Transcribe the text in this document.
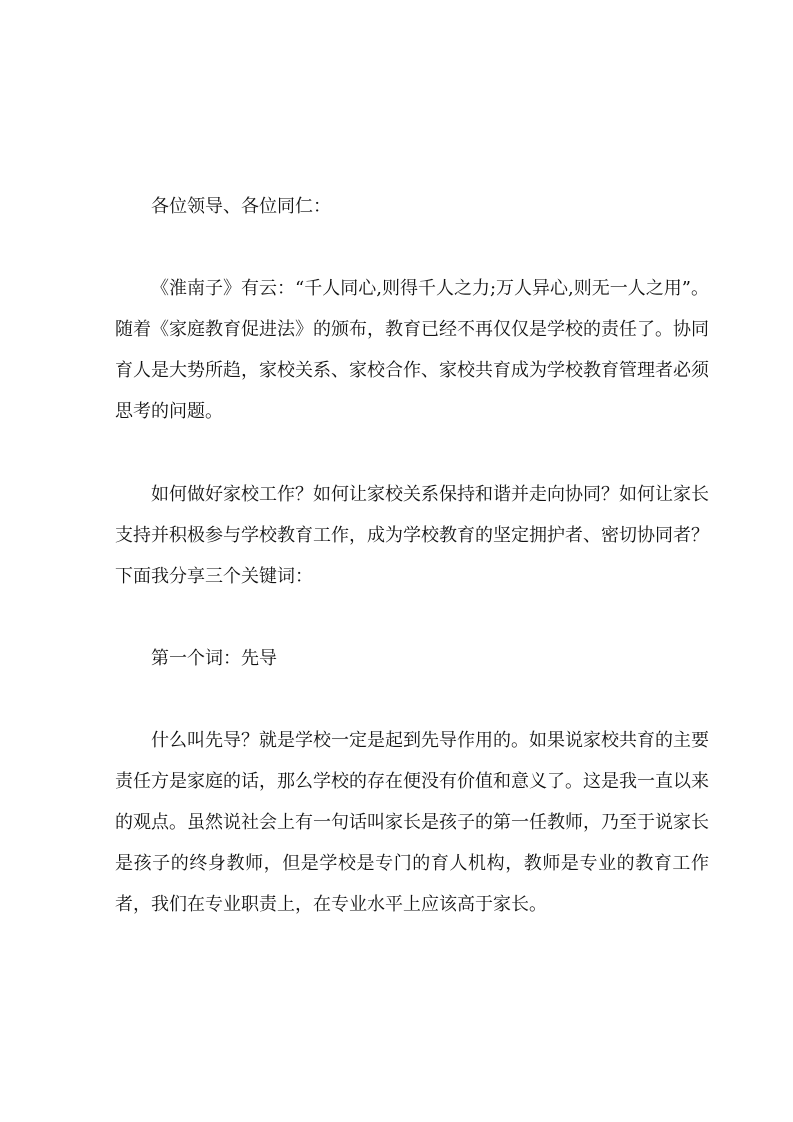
各位领导、各位同仁：

《淮南子》有云：“千人同心,则得千人之力;万人异心,则无一人之用”。随着《家庭教育促进法》的颁布，教育已经不再仅仅是学校的责任了。协同育人是大势所趋，家校关系、家校合作、家校共育成为学校教育管理者必须思考的问题。

如何做好家校工作？如何让家校关系保持和谐并走向协同？如何让家长支持并积极参与学校教育工作，成为学校教育的坚定拥护者、密切协同者？下面我分享三个关键词：

第一个词：先导

什么叫先导？就是学校一定是起到先导作用的。如果说家校共育的主要责任方是家庭的话，那么学校的存在便没有价值和意义了。这是我一直以来的观点。虽然说社会上有一句话叫家长是孩子的第一任教师，乃至于说家长是孩子的终身教师，但是学校是专门的育人机构，教师是专业的教育工作者，我们在专业职责上，在专业水平上应该高于家长。
